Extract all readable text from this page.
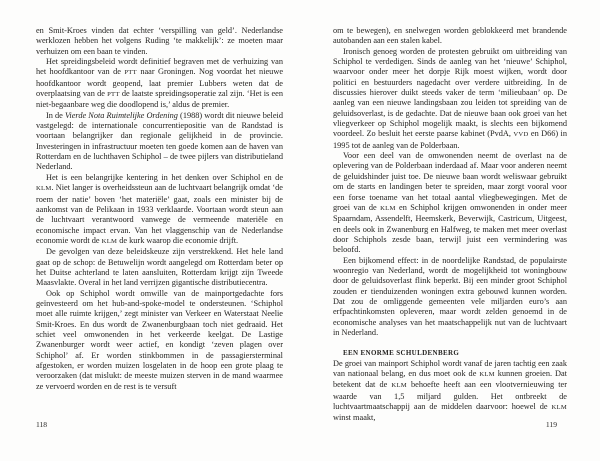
en Smit-Kroes vinden dat echter ‘verspilling van geld’. Nederlandse werklozen hebben het volgens Ruding ‘te makkelijk’: ze moeten maar verhuizen om een baan te vinden.

Het spreidingsbeleid wordt definitief begraven met de verhuizing van het hoofdkantoor van de PTT naar Groningen. Nog voordat het nieuwe hoofdkantoor wordt geopend, laat premier Lubbers weten dat de overplaatsing van de PTT de laatste spreidingsoperatie zal zijn. ‘Het is een niet-begaanbare weg die doodlopend is,’ aldus de premier.

In de Vierde Nota Ruimtelijke Ordening (1988) wordt dit nieuwe beleid vastgelegd: de internationale concurrentiepositie van de Randstad is voortaan belangrijker dan regionale gelijkheid in de provincie. Investeringen in infrastructuur moeten ten goede komen aan de haven van Rotterdam en de luchthaven Schiphol – de twee pijlers van distributieland Nederland.

Het is een belangrijke kentering in het denken over Schiphol en de KLM. Niet langer is overheidssteun aan de luchtvaart belangrijk omdat ‘de roem der natie’ boven ‘het materiële’ gaat, zoals een minister bij de aankomst van de Pelikaan in 1933 verklaarde. Voortaan wordt steun aan de luchtvaart verantwoord vanwege de vermeende materiële en economische impact ervan. Van het vlaggenschip van de Nederlandse economie wordt de KLM de kurk waarop die economie drijft.

De gevolgen van deze beleidskeuze zijn verstrekkend. Het hele land gaat op de schop: de Betuwelijn wordt aangelegd om Rotterdam beter op het Duitse achterland te laten aansluiten, Rotterdam krijgt zijn Tweede Maasvlakte. Overal in het land verrijzen gigantische distributiecentra.

Ook op Schiphol wordt omwille van de mainportgedachte fors geïnvesteerd om het hub-and-spoke-model te ondersteunen. ‘Schiphol moet alle ruimte krijgen,’ zegt minister van Verkeer en Waterstaat Neelie Smit-Kroes. En dus wordt de Zwanenburgbaan toch niet gedraaid. Het schiet veel omwonenden in het verkeerde keelgat. De Lastige Zwanenburger wordt weer actief, en kondigt ‘zeven plagen over Schiphol’ af. Er worden stinkbommen in de passagiersterminal afgestoken, er worden muizen losgelaten in de hoop een grote plaag te veroorzaken (dat mislukt: de meeste muizen sterven in de mand waarmee ze vervoerd worden en de rest is te versuft

om te bewegen), en snelwegen worden geblokkeerd met brandende autobanden aan een stalen kabel.

Ironisch genoeg worden de protesten gebruikt om uitbreiding van Schiphol te verdedigen. Sinds de aanleg van het ‘nieuwe’ Schiphol, waarvoor onder meer het dorpje Rijk moest wijken, wordt door politici en bestuurders nagedacht over verdere uitbreiding. In de discussies hierover duikt steeds vaker de term ‘milieubaan’ op. De aanleg van een nieuwe landingsbaan zou leiden tot spreiding van de geluidsoverlast, is de gedachte. Dat de nieuwe baan ook groei van het vliegverkeer op Schiphol mogelijk maakt, is slechts een bijkomend voordeel. Zo besluit het eerste paarse kabinet (PvdA, VVD en D66) in 1995 tot de aanleg van de Polderbaan.

Voor een deel van de omwonenden neemt de overlast na de oplevering van de Polderbaan inderdaad af. Maar voor anderen neemt de geluidshinder juist toe. De nieuwe baan wordt weliswaar gebruikt om de starts en landingen beter te spreiden, maar zorgt vooral voor een forse toename van het totaal aantal vliegbewegingen. Met de groei van de KLM en Schiphol krijgen omwonenden in onder meer Spaarndam, Assendelft, Heemskerk, Beverwijk, Castricum, Uitgeest, en deels ook in Zwanenburg en Halfweg, te maken met meer overlast door Schiphols zesde baan, terwijl juist een vermindering was beloofd.

Een bijkomend effect: in de noordelijke Randstad, de populairste woonregio van Nederland, wordt de mogelijkheid tot woningbouw door de geluidsoverlast flink beperkt. Bij een minder groot Schiphol zouden er tienduizenden woningen extra gebouwd kunnen worden. Dat zou de omliggende gemeenten vele miljarden euro’s aan erfpachtinkomsten opleveren, maar wordt zelden genoemd in de economische analyses van het maatschappelijk nut van de luchtvaart in Nederland.

EEN ENORME SCHULDENBERG

De groei van mainport Schiphol wordt vanaf de jaren tachtig een zaak van nationaal belang, en dus moet ook de KLM kunnen groeien. Dat betekent dat de KLM behoefte heeft aan een vlootvernieuwing ter waarde van 1,5 miljard gulden. Het ontbreekt de luchtvaartmaatschappij aan de middelen daarvoor: hoewel de KLM winst maakt,

118	119
